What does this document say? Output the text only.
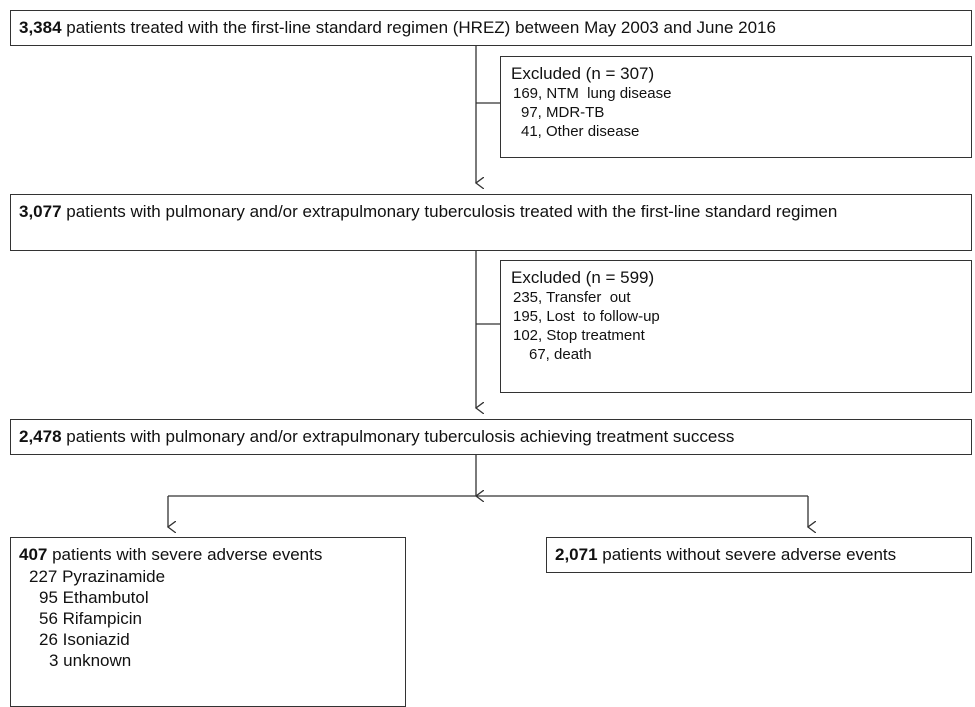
3,384 patients treated with the first-line standard regimen (HREZ) between May 2003 and June 2016
Excluded (n = 307)
169, NTM  lung disease
97, MDR-TB
41, Other disease
3,077 patients with pulmonary and/or extrapulmonary tuberculosis treated with the first-line standard regimen
Excluded (n = 599)
235, Transfer  out
195, Lost  to follow-up
102, Stop treatment
67, death
2,478 patients with pulmonary and/or extrapulmonary tuberculosis achieving treatment success
407 patients with severe adverse events
227 Pyrazinamide
95 Ethambutol
56 Rifampicin
26 Isoniazid
3 unknown
2,071 patients without severe adverse events
